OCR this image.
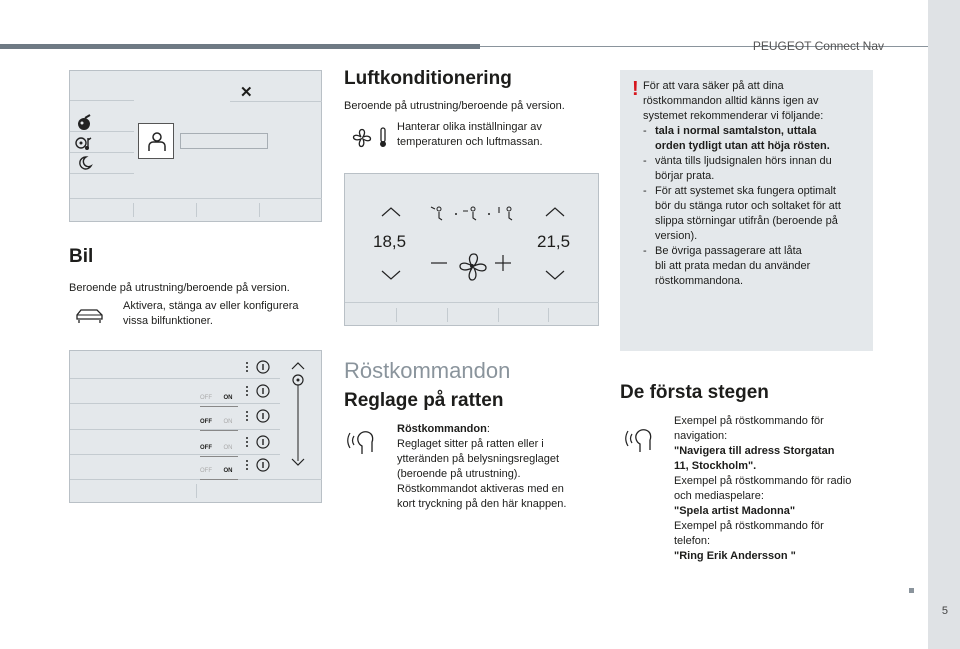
PEUGEOT Connect Nav
5
✕
Bil
Beroende på utrustning/beroende på version.
Aktivera, stänga av eller konfigurera vissa bilfunktioner.
OFF ON
OFF ON
OFF ON
OFF ON
Luftkonditionering
Beroende på utrustning/beroende på version.
Hanterar olika inställningar av temperaturen och luftmassan.
18,5	21,5
Röstkommandon
Reglage på ratten
Röstkommandon:
Reglaget sitter på ratten eller i
ytteränden på belysningsreglaget
(beroende på utrustning).
Röstkommandot aktiveras med en
kort tryckning på den här knappen.
! För att vara säker på att dina
röstkommandon alltid känns igen av
systemet rekommenderar vi följande:
- tala i normal samtalston, uttala
orden tydligt utan att höja rösten.
- vänta tills ljudsignalen hörs innan du
börjar prata.
- För att systemet ska fungera optimalt
bör du stänga rutor och soltaket för att
slippa störningar utifrån (beroende på
version).
- Be övriga passagerare att låta
bli att prata medan du använder
röstkommandona.
De första stegen
Exempel på röstkommando för
navigation:
"Navigera till adress Storgatan
11, Stockholm".
Exempel på röstkommando för radio
och mediaspelare:
"Spela artist Madonna"
Exempel på röstkommando för
telefon:
"Ring Erik Andersson "
